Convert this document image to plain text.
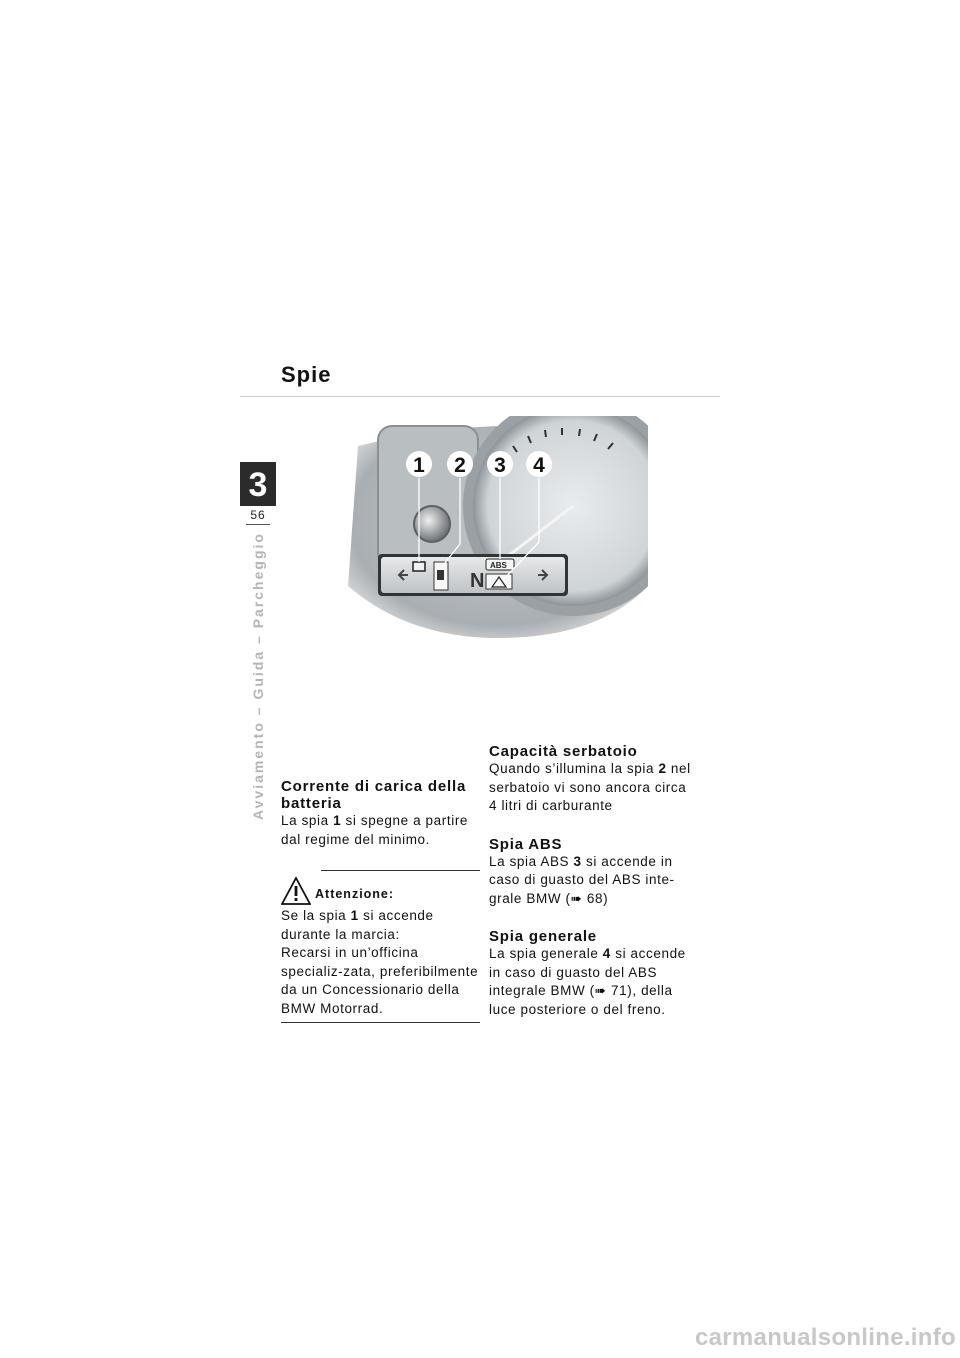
Spie
3
56
Avviamento – Guida – Parcheggio	N
ABS
1 2 3 4
Corrente di carica della batteria

La spia 1 si spegne a partire dal regime del minimo.

Attenzione:

Se la spia 1 si accende durante la marcia:

Recarsi in un’officina specializ-zata, preferibilmente da un Concessionario della BMW Motorrad.

Capacità serbatoio

Quando s’illumina la spia 2 nel serbatoio vi sono ancora circa 4 litri di carburante

Spia ABS

La spia ABS 3 si accende in caso di guasto del ABS inte-grale BMW (➠ 68)

Spia generale

La spia generale 4 si accende in caso di guasto del ABS integrale BMW (➠ 71), della luce posteriore o del freno.

carmanualsonline.info
